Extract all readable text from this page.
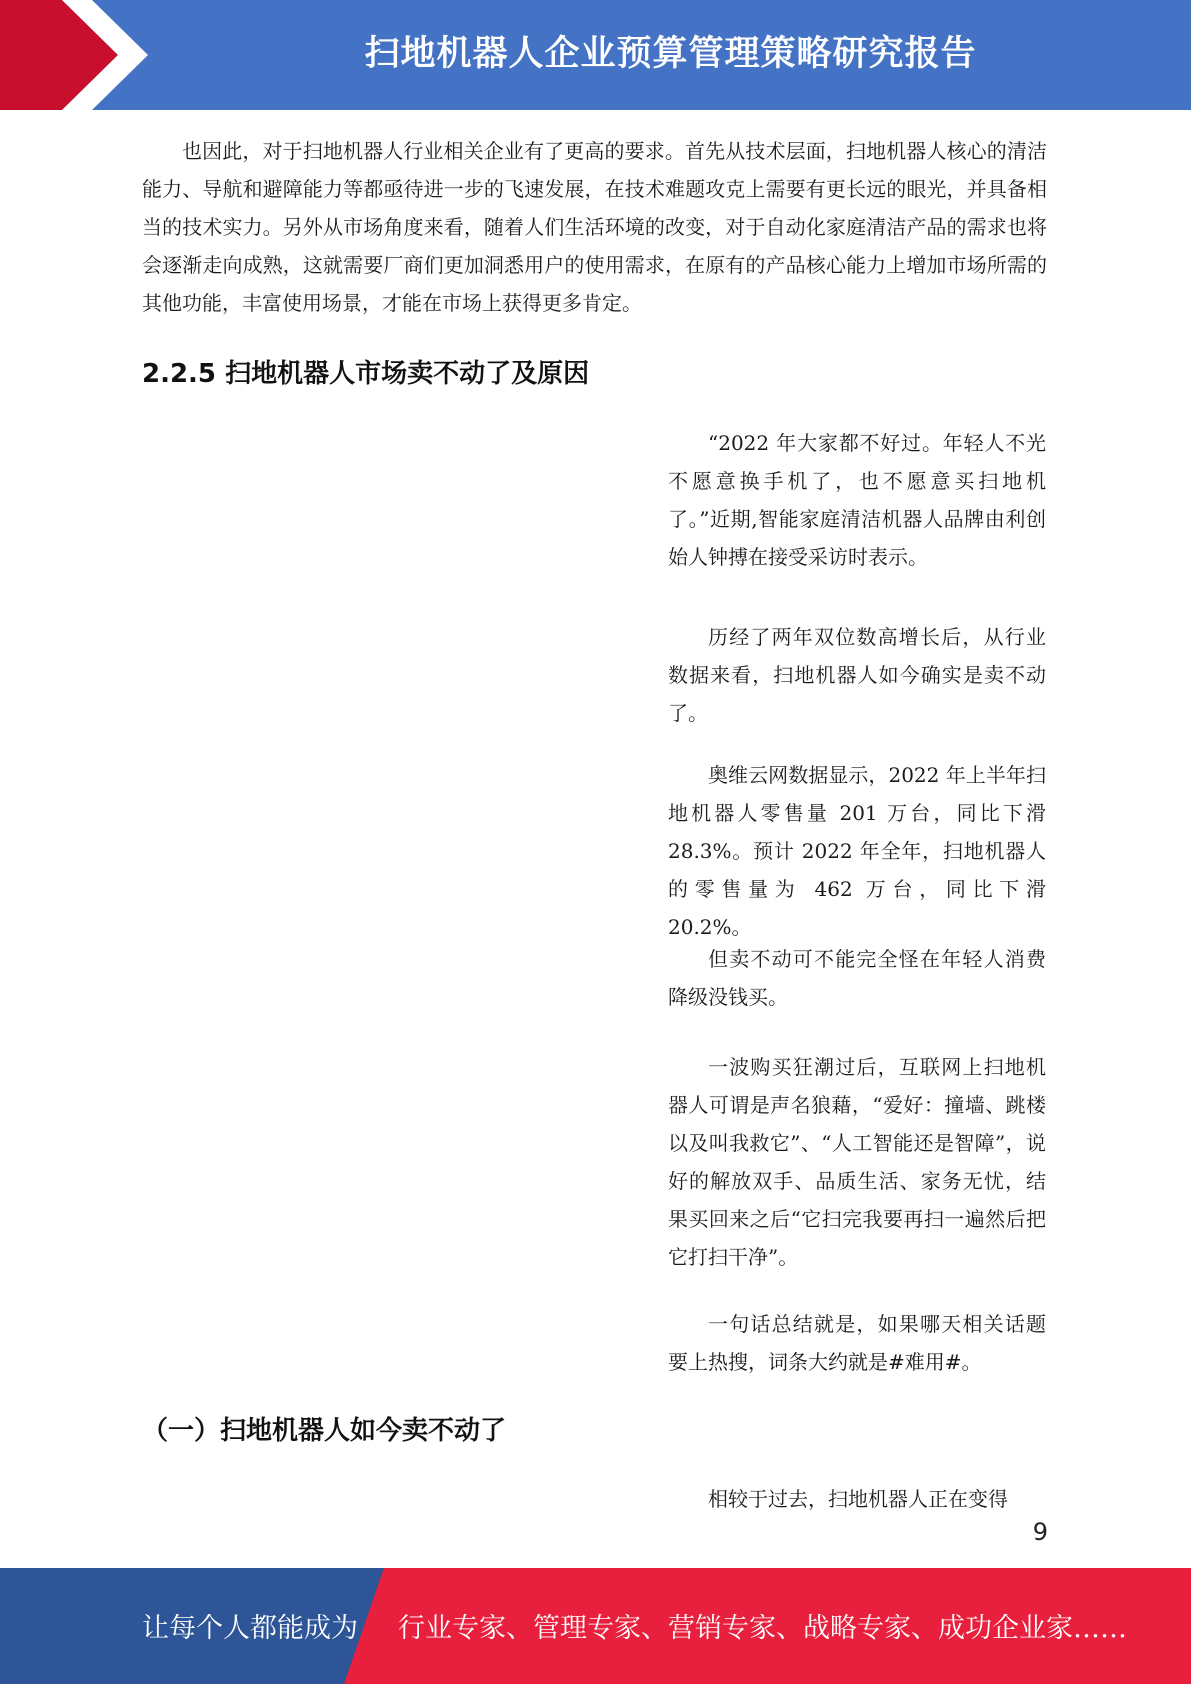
扫地机器人企业预算管理策略研究报告

也因此，对于扫地机器人行业相关企业有了更高的要求。首先从技术层面，扫地机器人核心的清洁能力、导航和避障能力等都亟待进一步的飞速发展，在技术难题攻克上需要有更长远的眼光，并具备相当的技术实力。另外从市场角度来看，随着人们生活环境的改变，对于自动化家庭清洁产品的需求也将会逐渐走向成熟，这就需要厂商们更加洞悉用户的使用需求，在原有的产品核心能力上增加市场所需的其他功能，丰富使用场景，才能在市场上获得更多肯定。

2.2.5 扫地机器人市场卖不动了及原因

“2022 年大家都不好过。年轻人不光不愿意换手机了，也不愿意买扫地机了。”近期,智能家庭清洁机器人品牌由利创始人钟搏在接受采访时表示。

历经了两年双位数高增长后，从行业数据来看，扫地机器人如今确实是卖不动了。

奥维云网数据显示，2022 年上半年扫地机器人零售量 201 万台，同比下滑 28.3%。预计 2022 年全年，扫地机器人的零售量为 462 万台，同比下滑 20.2%。

但卖不动可不能完全怪在年轻人消费降级没钱买。

一波购买狂潮过后，互联网上扫地机器人可谓是声名狼藉，“爱好：撞墙、跳楼以及叫我救它”、“人工智能还是智障”，说好的解放双手、品质生活、家务无忧，结果买回来之后“它扫完我要再扫一遍然后把它打扫干净”。

一句话总结就是，如果哪天相关话题要上热搜，词条大约就是#难用#。

（一）扫地机器人如今卖不动了

相较于过去，扫地机器人正在变得

9
让每个人都能成为 行业专家、管理专家、营销专家、战略专家、成功企业家……
